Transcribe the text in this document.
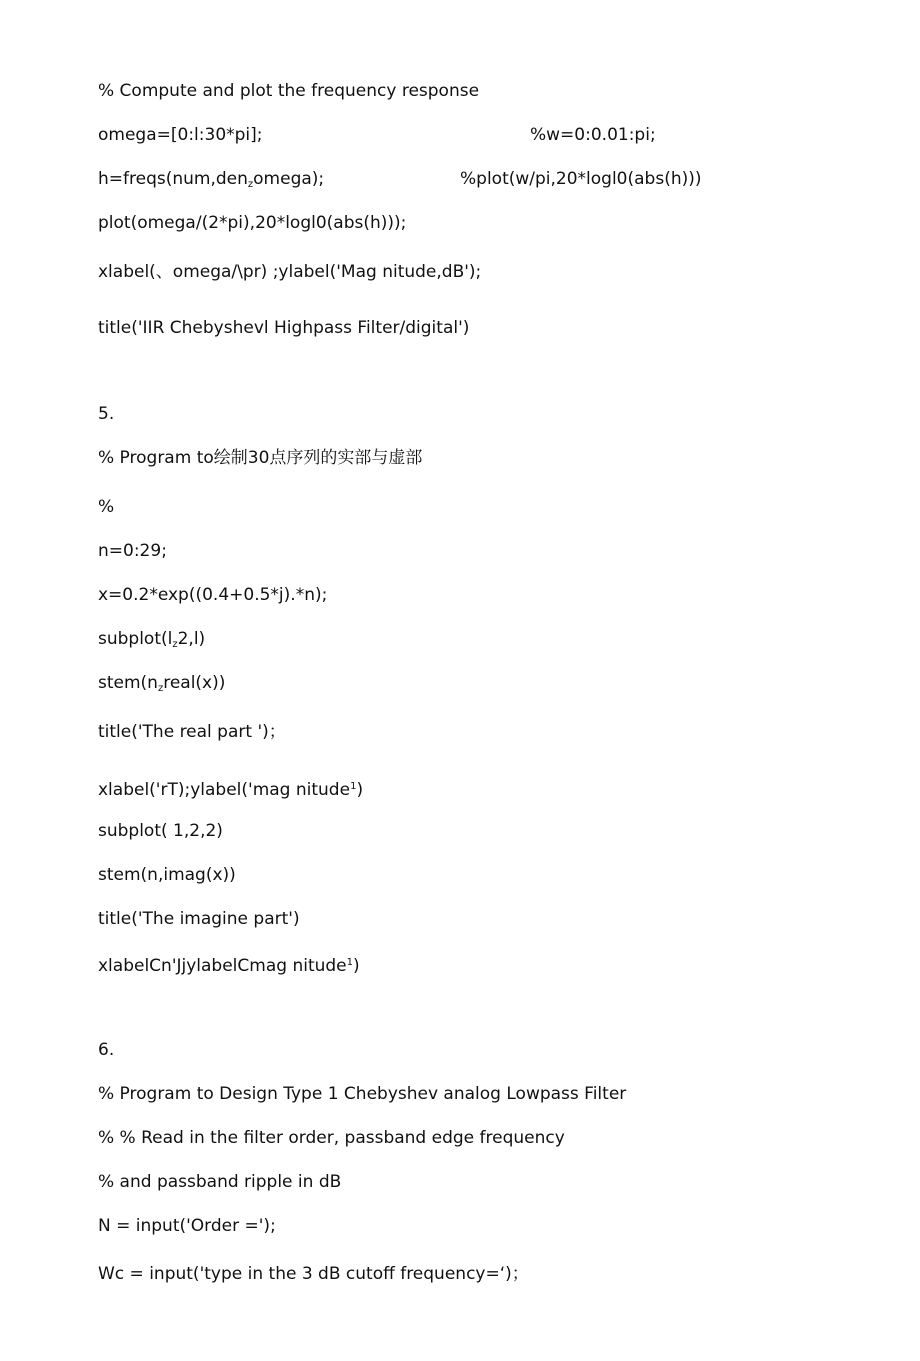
% Compute and plot the frequency response

omega=[0:l:30*pi];	%w=0:0.01:pi;

h=freqs(num,den$_z$omega);	%plot(w/pi,20*logl0(abs(h)))

plot(omega/(2*pi),20*logl0(abs(h)));

xlabel(、omega/\pr) ;ylabel('Mag nitude,dB');

title('IIR Chebyshevl Highpass Filter/digital')

5.

% Program to绘制30点序列的实部与虚部

%

n=0:29;

x=0.2*exp((0.4+0.5*j).*n);

$subplot(l_z2,l)$

$stem(n_zreal(x))$

title('The real part ')；

xlabel('rT);ylabel('mag nitude$^1$)

subplot( 1,2,2)

stem(n,imag(x))

title('The imagine part')

xlabelCn'JjylabelCmag nitude$^1$)

6.

% Program to Design Type 1 Chebyshev analog Lowpass Filter

% % Read in the filter order, passband edge frequency

% and passband ripple in dB

N = input('Order =');

Wc = input('type in the 3 dB cutoff frequency=‘)；
